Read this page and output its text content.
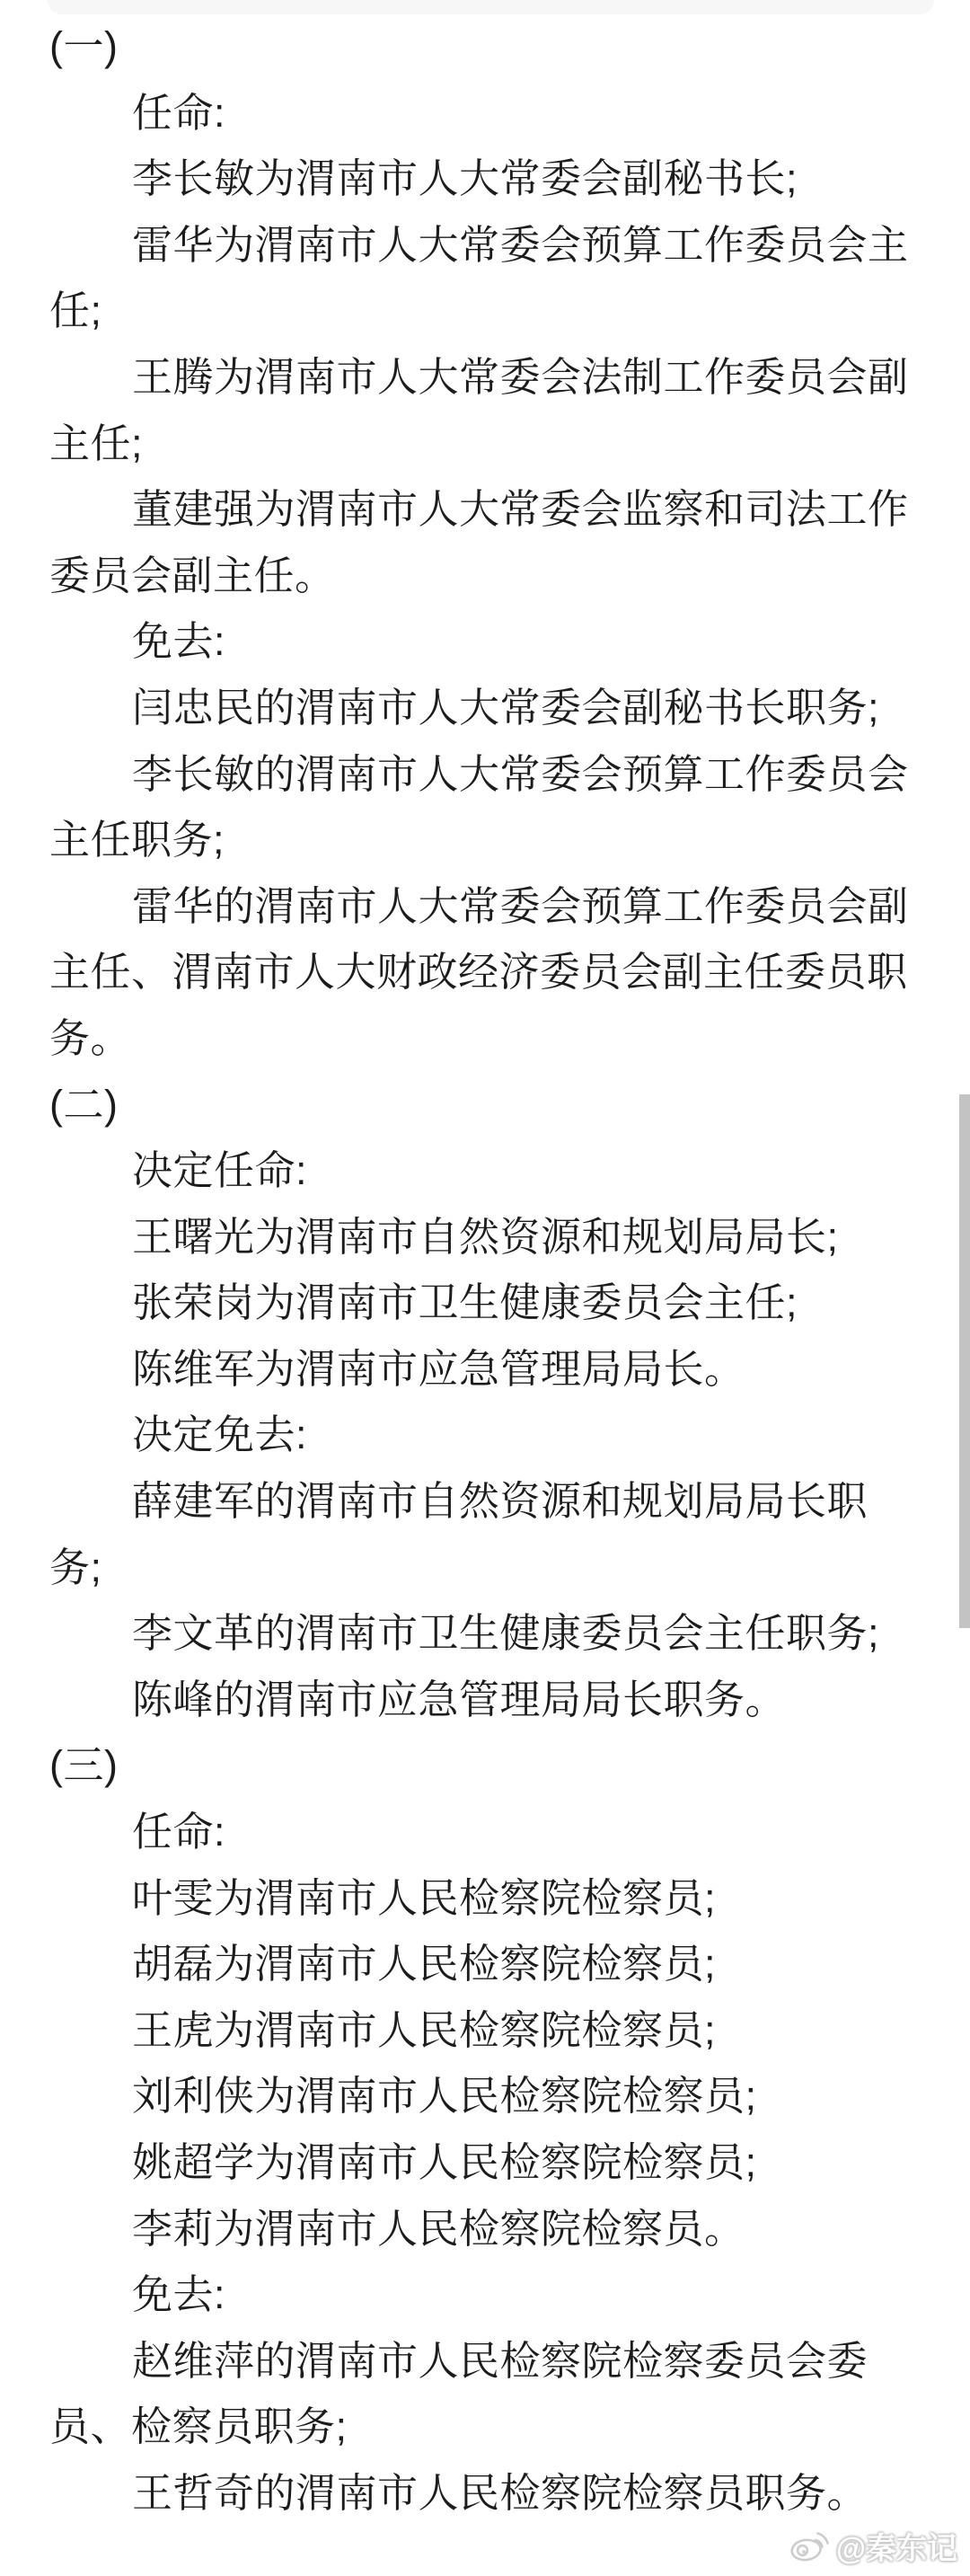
(一)
任命:
李长敏为渭南市人大常委会副秘书长;
雷华为渭南市人大常委会预算工作委员会主
任;
王腾为渭南市人大常委会法制工作委员会副
主任;
董建强为渭南市人大常委会监察和司法工作
委员会副主任。
免去:
闫忠民的渭南市人大常委会副秘书长职务;
李长敏的渭南市人大常委会预算工作委员会
主任职务;
雷华的渭南市人大常委会预算工作委员会副
主任、渭南市人大财政经济委员会副主任委员职
务。
(二)
决定任命:
王曙光为渭南市自然资源和规划局局长;
张荣岗为渭南市卫生健康委员会主任;
陈维军为渭南市应急管理局局长。
决定免去:
薛建军的渭南市自然资源和规划局局长职
务;
李文革的渭南市卫生健康委员会主任职务;
陈峰的渭南市应急管理局局长职务。
(三)
任命:
叶雯为渭南市人民检察院检察员;
胡磊为渭南市人民检察院检察员;
王虎为渭南市人民检察院检察员;
刘利侠为渭南市人民检察院检察员;
姚超学为渭南市人民检察院检察员;
李莉为渭南市人民检察院检察员。
免去:
赵维萍的渭南市人民检察院检察委员会委
员、检察员职务;
王哲奇的渭南市人民检察院检察员职务。
@秦东记
